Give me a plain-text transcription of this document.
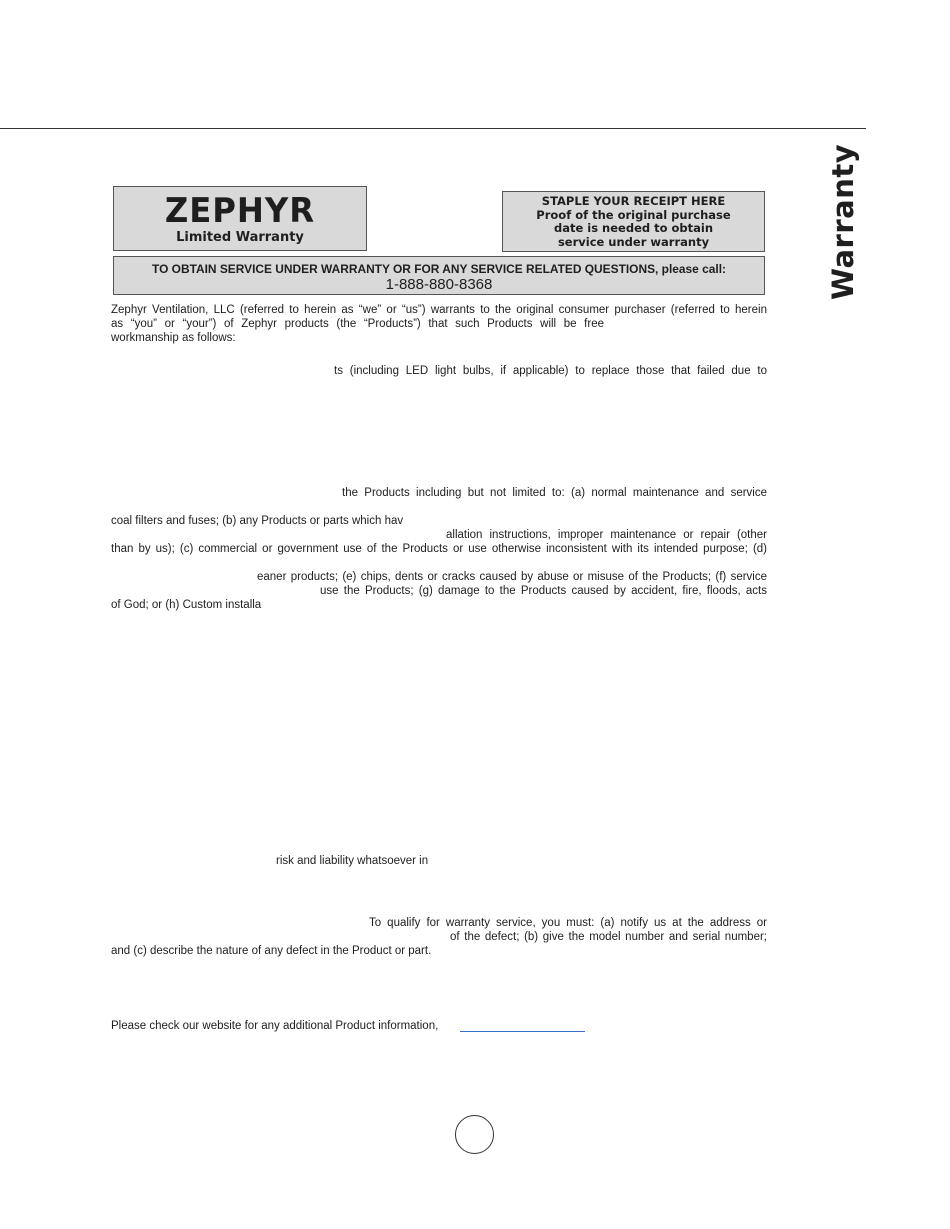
Warranty
ZEPHYR
Limited Warranty
STAPLE YOUR RECEIPT HERE
Proof of the original purchase
date is needed to obtain
service under warranty
TO OBTAIN SERVICE UNDER WARRANTY OR FOR ANY SERVICE RELATED QUESTIONS, please call:
1-888-880-8368
Zephyr Ventilation, LLC (referred to herein as “we” or “us”) warrants to the original consumer purchaser (referred to herein
as “you” or “your”) of Zephyr products (the “Products”) that such Products will be free
workmanship as follows:
ts (including LED light bulbs, if applicable) to replace those that failed due to
the Products including but not limited to: (a) normal maintenance and service
coal filters and fuses; (b) any Products or parts which hav
allation instructions, improper maintenance or repair (other
than by us); (c) commercial or government use of the Products or use otherwise inconsistent with its intended purpose; (d)
eaner products; (e) chips, dents or cracks caused by abuse or misuse of the Products; (f) service
use the Products; (g) damage to the Products caused by accident, fire, floods, acts
of God; or (h) Custom installa
risk and liability whatsoever in
To qualify for warranty service, you must: (a) notify us at the address or
of the defect; (b) give the model number and serial number;
and (c) describe the nature of any defect in the Product or part.
Please check our website for any additional Product information,
